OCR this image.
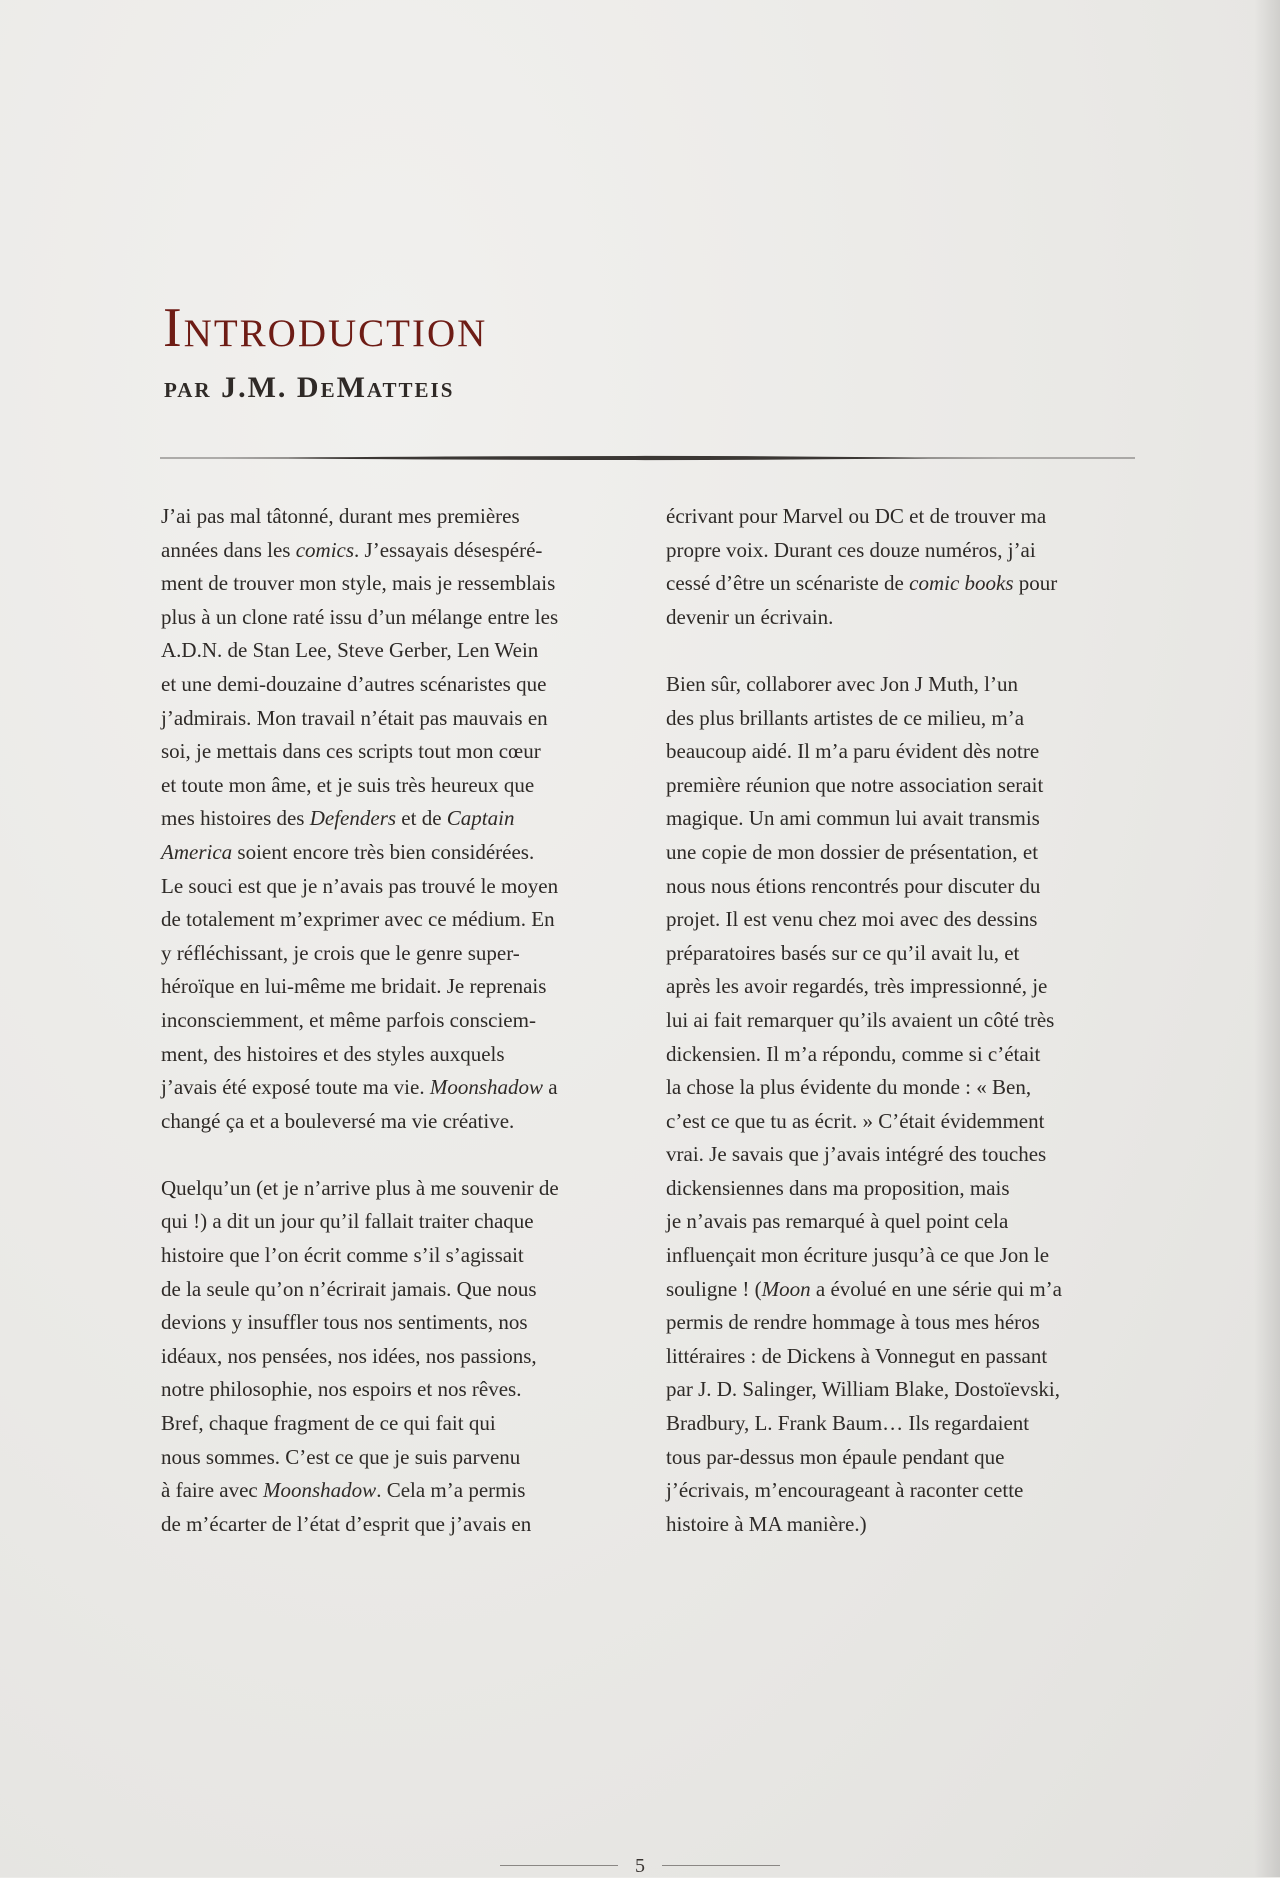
Introduction
par J.M. DeMatteis

J’ai pas mal tâtonné, durant mes premières
années dans les comics. J’essayais désespéré-
ment de trouver mon style, mais je ressemblais
plus à un clone raté issu d’un mélange entre les
A.D.N. de Stan Lee, Steve Gerber, Len Wein
et une demi-douzaine d’autres scénaristes que
j’admirais. Mon travail n’était pas mauvais en
soi, je mettais dans ces scripts tout mon cœur
et toute mon âme, et je suis très heureux que
mes histoires des Defenders et de Captain
America soient encore très bien considérées.
Le souci est que je n’avais pas trouvé le moyen
de totalement m’exprimer avec ce médium. En
y réfléchissant, je crois que le genre super-
héroïque en lui-même me bridait. Je reprenais
inconsciemment, et même parfois consciem-
ment, des histoires et des styles auxquels
j’avais été exposé toute ma vie. Moonshadow a
changé ça et a bouleversé ma vie créative.

Quelqu’un (et je n’arrive plus à me souvenir de
qui !) a dit un jour qu’il fallait traiter chaque
histoire que l’on écrit comme s’il s’agissait
de la seule qu’on n’écrirait jamais. Que nous
devions y insuffler tous nos sentiments, nos
idéaux, nos pensées, nos idées, nos passions,
notre philosophie, nos espoirs et nos rêves.
Bref, chaque fragment de ce qui fait qui
nous sommes. C’est ce que je suis parvenu
à faire avec Moonshadow. Cela m’a permis
de m’écarter de l’état d’esprit que j’avais en

écrivant pour Marvel ou DC et de trouver ma
propre voix. Durant ces douze numéros, j’ai
cessé d’être un scénariste de comic books pour
devenir un écrivain.

Bien sûr, collaborer avec Jon J Muth, l’un
des plus brillants artistes de ce milieu, m’a
beaucoup aidé. Il m’a paru évident dès notre
première réunion que notre association serait
magique. Un ami commun lui avait transmis
une copie de mon dossier de présentation, et
nous nous étions rencontrés pour discuter du
projet. Il est venu chez moi avec des dessins
préparatoires basés sur ce qu’il avait lu, et
après les avoir regardés, très impressionné, je
lui ai fait remarquer qu’ils avaient un côté très
dickensien. Il m’a répondu, comme si c’était
la chose la plus évidente du monde : « Ben,
c’est ce que tu as écrit. » C’était évidemment
vrai. Je savais que j’avais intégré des touches
dickensiennes dans ma proposition, mais
je n’avais pas remarqué à quel point cela
influençait mon écriture jusqu’à ce que Jon le
souligne ! (Moon a évolué en une série qui m’a
permis de rendre hommage à tous mes héros
littéraires : de Dickens à Vonnegut en passant
par J. D. Salinger, William Blake, Dostoïevski,
Bradbury, L. Frank Baum… Ils regardaient
tous par-dessus mon épaule pendant que
j’écrivais, m’encourageant à raconter cette
histoire à MA manière.)

5
